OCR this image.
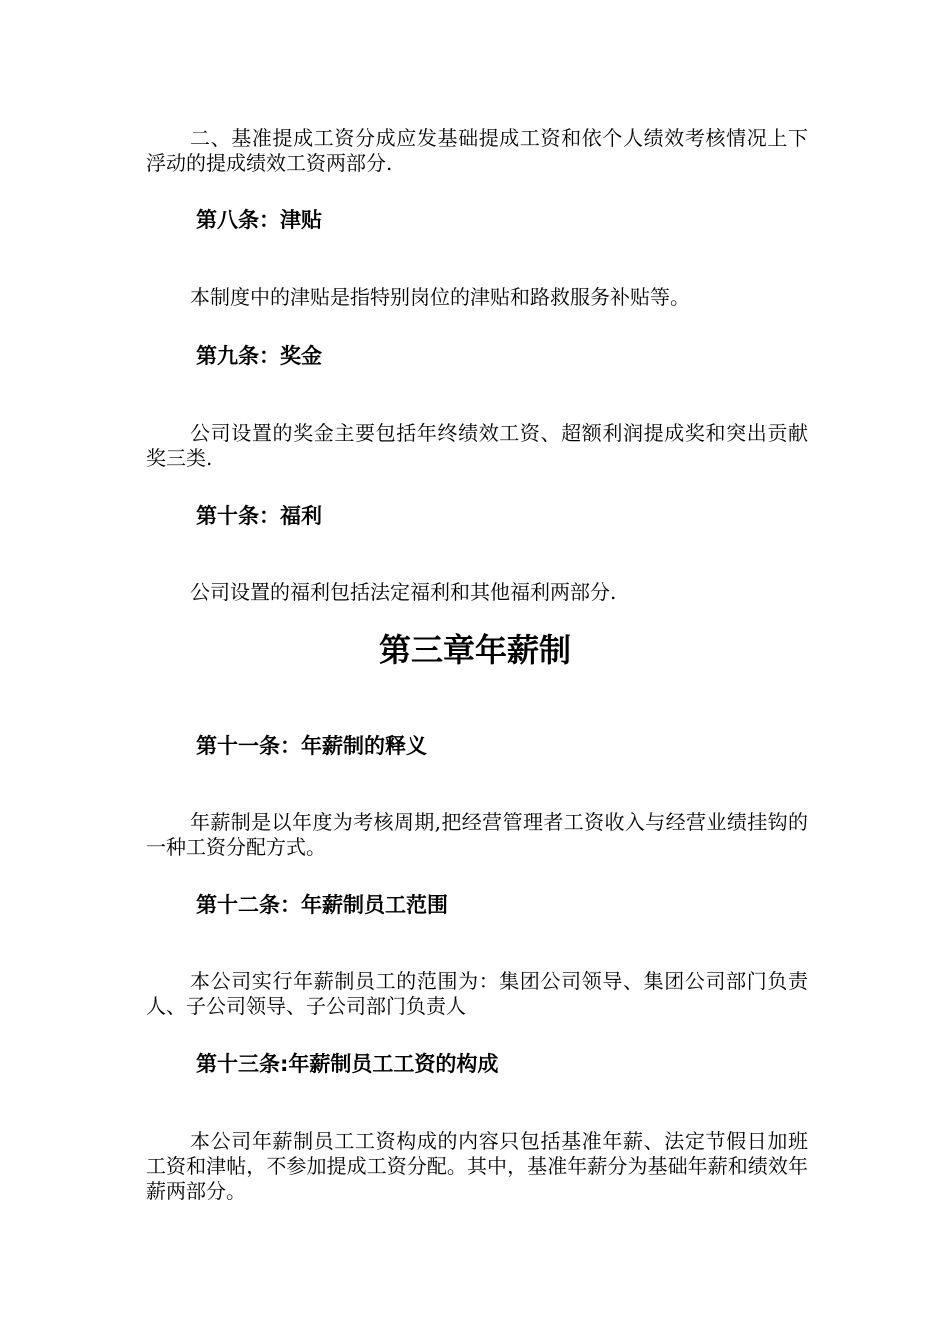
二、基准提成工资分成应发基础提成工资和依个人绩效考核情况上下浮动的提成绩效工资两部分.

第八条：津贴

本制度中的津贴是指特别岗位的津贴和路救服务补贴等。

第九条：奖金

公司设置的奖金主要包括年终绩效工资、超额利润提成奖和突出贡献奖三类.

第十条：福利

公司设置的福利包括法定福利和其他福利两部分.

第三章年薪制
第十一条：年薪制的释义

年薪制是以年度为考核周期,把经营管理者工资收入与经营业绩挂钩的一种工资分配方式。

第十二条：年薪制员工范围

本公司实行年薪制员工的范围为：集团公司领导、集团公司部门负责人、子公司领导、子公司部门负责人

第十三条:年薪制员工工资的构成

本公司年薪制员工工资构成的内容只包括基准年薪、法定节假日加班工资和津帖，不参加提成工资分配。其中，基准年薪分为基础年薪和绩效年薪两部分。
